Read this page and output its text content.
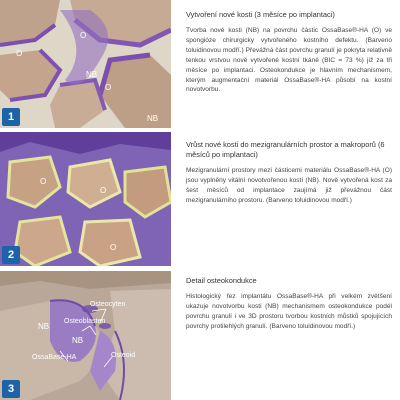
O
O
O
NB
NB
1
O
O
O
2
Osteocyten
Osteoblasten
NB
NB
OssaBase-HA	Osteoid
3
Vytvoření nové kosti (3 měsíce po implantaci)

Tvorba nové kosti (NB) na povrchu částic OssaBase®-HA (O) ve spongióze chirurgicky vytvořeného kostního defektu. (Barveno toluidinovou modří.) Převážná část povrchu granulí je pokryta relativně tenkou vrstvou nově vytvořené kostní tkáně (BIC = 73 %) již za tři měsíce po implantaci. Osteokondukce je hlavním mechanismem, kterým augmentační materiál OssaBase®-HA působí na kostní novotvorbu.

Vrůst nové kosti do mezigranulárních prostor a makroporů (6 měsíců po implantaci)

Mezigranulární prostory mezi částicemi materiálu OssaBase®-HA (O) jsou vyplněny vitální novotvořenou kostí (NB). Nově vytvořená kost za šest měsíců od implantace zaujímá již převážnou část mezigranulárního prostoru. (Barveno toluidinovou modří.)

Detail osteokondukce

Histologický řez implantátu OssaBase®-HA při velkém zvětšení ukazuje novotvorbu kosti (NB) mechanismem osteokondukce podél povrchu granulí i ve 3D prostoru tvorbou kostních můstků spojujících povrchy protilehlých granulí. (Barveno toluidinovou modří.)
